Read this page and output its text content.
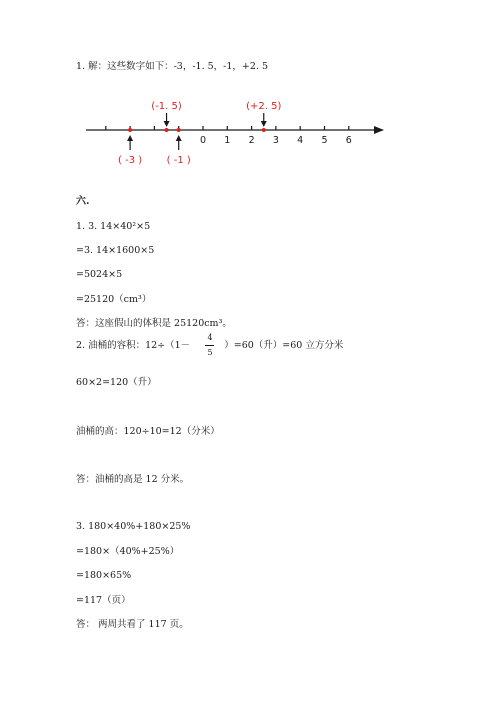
1. 解：这些数字如下：-3，-1. 5，-1，+2. 5
0 1 2 3 4 5 6
(-1. 5)	(+2. 5)
( -3 ) ( -1 )
六.
1. 3. 14×40²×5
=3. 14×1600×5
=5024×5
=25120（cm³）
答：这座假山的体积是 25120cm³。
2. 油桶的容积：12÷（1－	）=60（升）=60 立方分米
4
5
60×2=120（升）
油桶的高：120÷10=12（分米）
答：油桶的高是 12 分米。
3. 180×40%+180×25%
=180×（40%+25%）
=180×65%
=117（页）
答： 两周共看了 117 页。
